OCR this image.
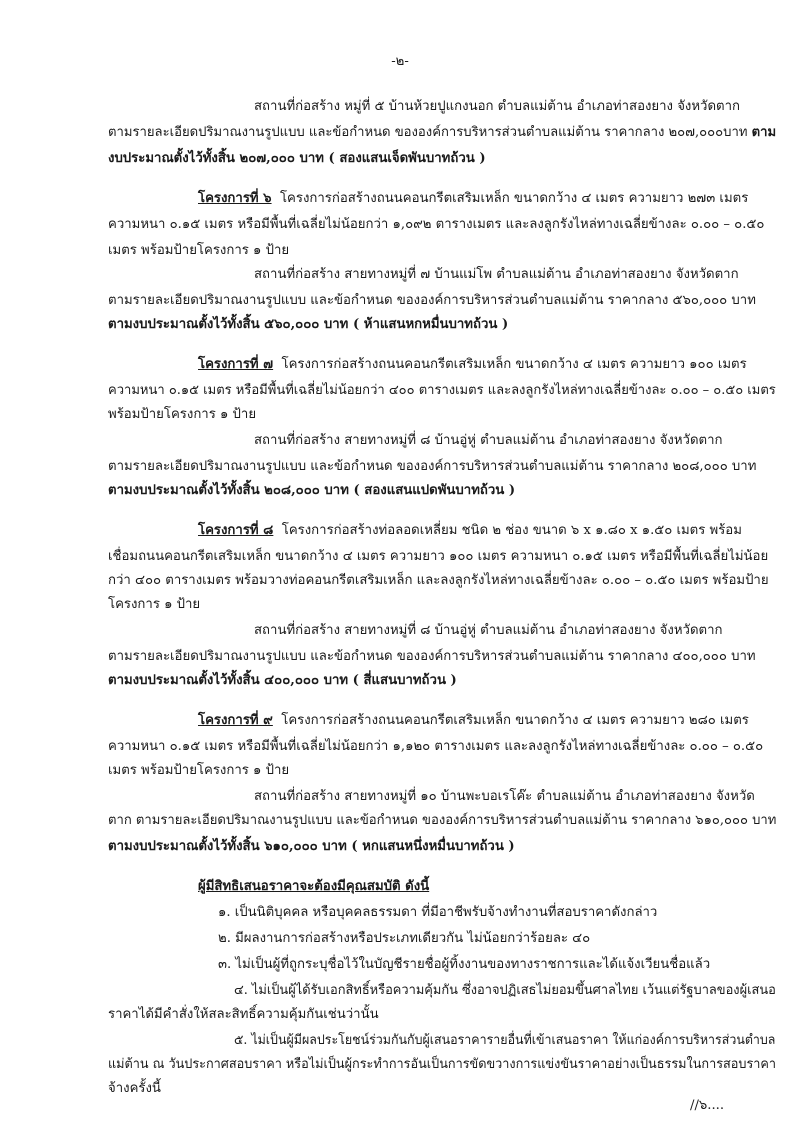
-๒-
สถานที่ก่อสร้าง หมู่ที่ ๕ บ้านห้วยปูแกงนอก ตำบลแม่ต้าน อำเภอท่าสองยาง จังหวัดตาก
ตามรายละเอียดปริมาณงานรูปแบบ และข้อกำหนด ขององค์การบริหารส่วนตำบลแม่ต้าน ราคากลาง ๒๐๗,๐๐๐บาท ตาม
งบประมาณตั้งไว้ทั้งสิ้น ๒๐๗,๐๐๐ บาท ( สองแสนเจ็ดพันบาทถ้วน )
โครงการที่ ๖ โครงการก่อสร้างถนนคอนกรีตเสริมเหล็ก ขนาดกว้าง ๔ เมตร ความยาว ๒๗๓ เมตร
ความหนา ๐.๑๕ เมตร หรือมีพื้นที่เฉลี่ยไม่น้อยกว่า ๑,๐๙๒ ตารางเมตร และลงลูกรังไหล่ทางเฉลี่ยข้างละ ๐.๐๐ – ๐.๕๐
เมตร พร้อมป้ายโครงการ ๑ ป้าย
สถานที่ก่อสร้าง สายทางหมู่ที่ ๗ บ้านแม่โพ ตำบลแม่ต้าน อำเภอท่าสองยาง จังหวัดตาก
ตามรายละเอียดปริมาณงานรูปแบบ และข้อกำหนด ขององค์การบริหารส่วนตำบลแม่ต้าน ราคากลาง ๕๖๐,๐๐๐ บาท
ตามงบประมาณตั้งไว้ทั้งสิ้น ๕๖๐,๐๐๐ บาท ( ห้าแสนหกหมื่นบาทถ้วน )
โครงการที่ ๗ โครงการก่อสร้างถนนคอนกรีตเสริมเหล็ก ขนาดกว้าง ๔ เมตร ความยาว ๑๐๐ เมตร
ความหนา ๐.๑๕ เมตร หรือมีพื้นที่เฉลี่ยไม่น้อยกว่า ๔๐๐ ตารางเมตร และลงลูกรังไหล่ทางเฉลี่ยข้างละ ๐.๐๐ – ๐.๕๐ เมตร
พร้อมป้ายโครงการ ๑ ป้าย
สถานที่ก่อสร้าง สายทางหมู่ที่ ๘ บ้านอู่หู่ ตำบลแม่ต้าน อำเภอท่าสองยาง จังหวัดตาก
ตามรายละเอียดปริมาณงานรูปแบบ และข้อกำหนด ขององค์การบริหารส่วนตำบลแม่ต้าน ราคากลาง ๒๐๘,๐๐๐ บาท
ตามงบประมาณตั้งไว้ทั้งสิ้น ๒๐๘,๐๐๐ บาท ( สองแสนแปดพันบาทถ้วน )
โครงการที่ ๘ โครงการก่อสร้างท่อลอดเหลี่ยม ชนิด ๒ ช่อง ขนาด ๖ x ๑.๘๐ x ๑.๕๐ เมตร พร้อม
เชื่อมถนนคอนกรีตเสริมเหล็ก ขนาดกว้าง ๔ เมตร ความยาว ๑๐๐ เมตร ความหนา ๐.๑๕ เมตร หรือมีพื้นที่เฉลี่ยไม่น้อย
กว่า ๔๐๐ ตารางเมตร พร้อมวางท่อคอนกรีตเสริมเหล็ก และลงลูกรังไหล่ทางเฉลี่ยข้างละ ๐.๐๐ – ๐.๕๐ เมตร พร้อมป้าย
โครงการ ๑ ป้าย
สถานที่ก่อสร้าง สายทางหมู่ที่ ๘ บ้านอู่หู่ ตำบลแม่ต้าน อำเภอท่าสองยาง จังหวัดตาก
ตามรายละเอียดปริมาณงานรูปแบบ และข้อกำหนด ขององค์การบริหารส่วนตำบลแม่ต้าน ราคากลาง ๔๐๐,๐๐๐ บาท
ตามงบประมาณตั้งไว้ทั้งสิ้น ๔๐๐,๐๐๐ บาท ( สี่แสนบาทถ้วน )
โครงการที่ ๙ โครงการก่อสร้างถนนคอนกรีตเสริมเหล็ก ขนาดกว้าง ๔ เมตร ความยาว ๒๘๐ เมตร
ความหนา ๐.๑๕ เมตร หรือมีพื้นที่เฉลี่ยไม่น้อยกว่า ๑,๑๒๐ ตารางเมตร และลงลูกรังไหล่ทางเฉลี่ยข้างละ ๐.๐๐ – ๐.๕๐
เมตร พร้อมป้ายโครงการ ๑ ป้าย
สถานที่ก่อสร้าง สายทางหมู่ที่ ๑๐ บ้านพะบอเรโค๊ะ ตำบลแม่ต้าน อำเภอท่าสองยาง จังหวัด
ตาก ตามรายละเอียดปริมาณงานรูปแบบ และข้อกำหนด ขององค์การบริหารส่วนตำบลแม่ต้าน ราคากลาง ๖๑๐,๐๐๐ บาท
ตามงบประมาณตั้งไว้ทั้งสิ้น ๖๑๐,๐๐๐ บาท ( หกแสนหนึ่งหมื่นบาทถ้วน )
ผู้มีสิทธิเสนอราคาจะต้องมีคุณสมบัติ ดังนี้
๑. เป็นนิติบุคคล หรือบุคคลธรรมดา ที่มีอาชีพรับจ้างทำงานที่สอบราคาดังกล่าว
๒. มีผลงานการก่อสร้างหรือประเภทเดียวกัน ไม่น้อยกว่าร้อยละ ๔๐
๓. ไม่เป็นผู้ที่ถูกระบุชื่อไว้ในบัญชีรายชื่อผู้ทิ้งงานของทางราชการและได้แจ้งเวียนชื่อแล้ว
๔. ไม่เป็นผู้ได้รับเอกสิทธิ์หรือความคุ้มกัน ซึ่งอาจปฏิเสธไม่ยอมขึ้นศาลไทย เว้นแต่รัฐบาลของผู้เสนอ
ราคาได้มีคำสั่งให้สละสิทธิ์ความคุ้มกันเช่นว่านั้น
๕. ไม่เป็นผู้มีผลประโยชน์ร่วมกันกับผู้เสนอราคารายอื่นที่เข้าเสนอราคา ให้แก่องค์การบริหารส่วนตำบล
แม่ต้าน ณ วันประกาศสอบราคา หรือไม่เป็นผู้กระทำการอันเป็นการขัดขวางการแข่งขันราคาอย่างเป็นธรรมในการสอบราคา
จ้างครั้งนี้
//๖....
